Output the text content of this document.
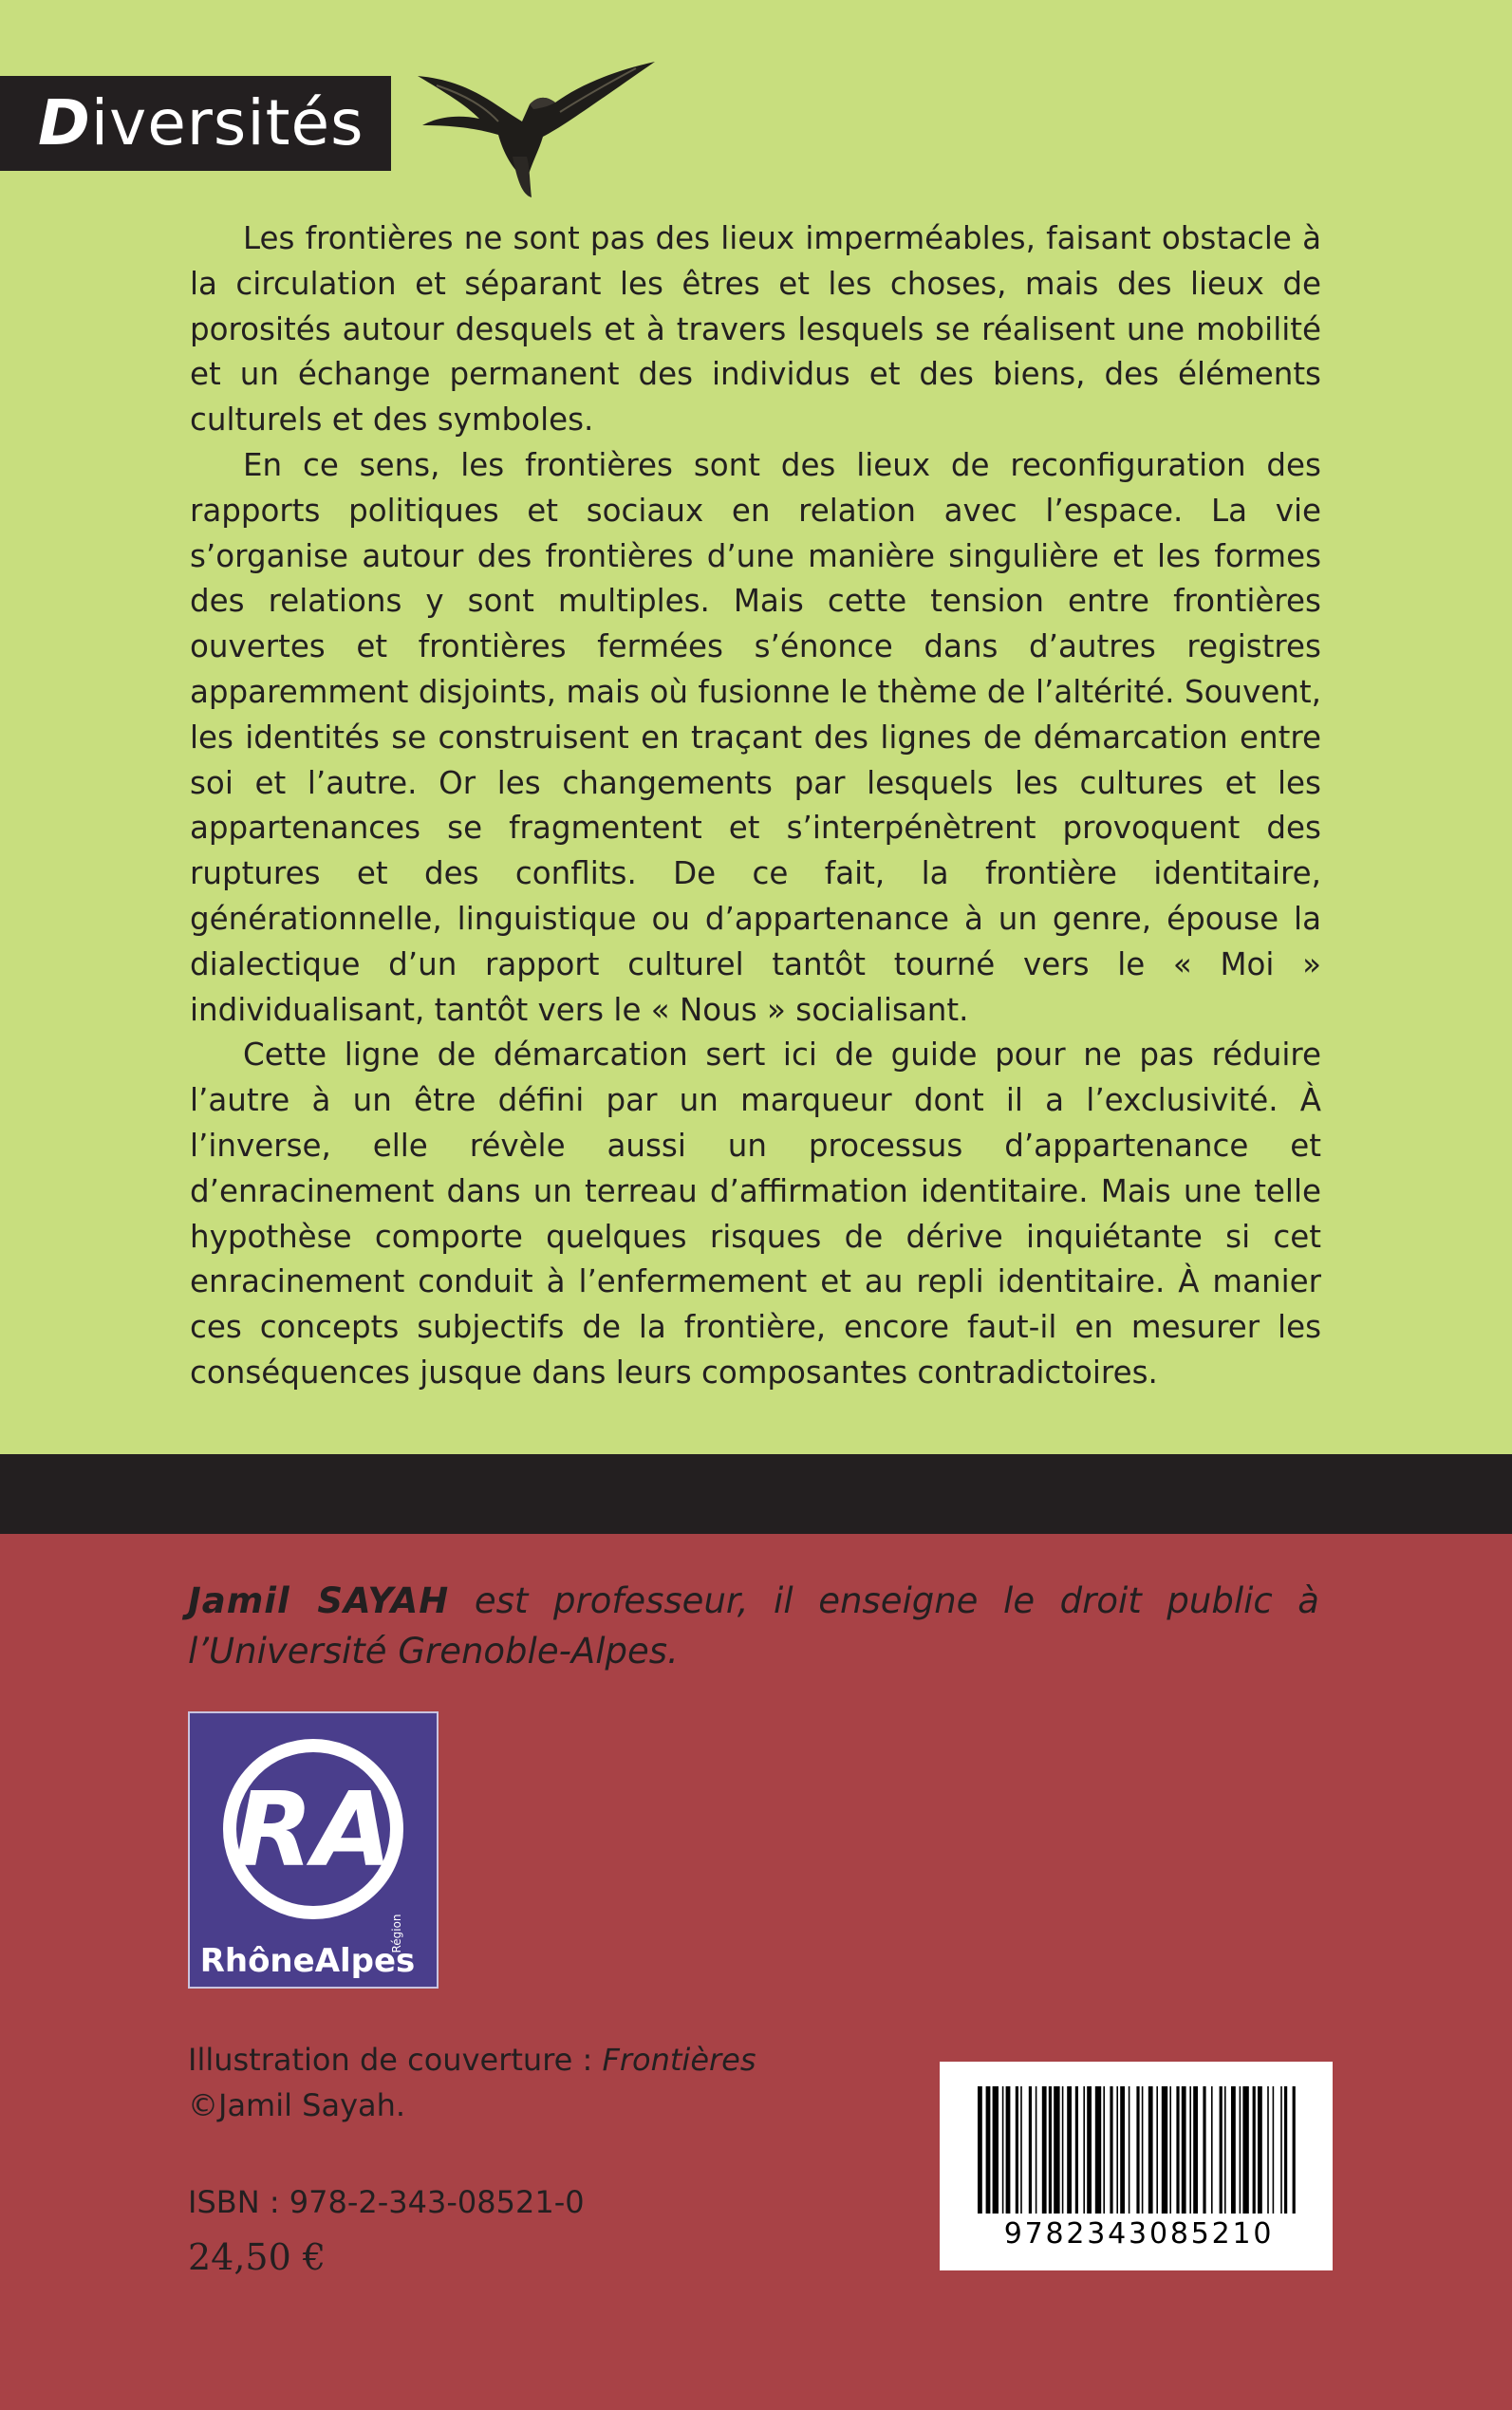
Diversités

Les frontières ne sont pas des lieux imperméables, faisant obstacle à la circulation et séparant les êtres et les choses, mais des lieux de porosités autour desquels et à travers lesquels se réalisent une mobilité et un échange permanent des individus et des biens, des éléments culturels et des symboles.

En ce sens, les frontières sont des lieux de reconfiguration des rapports politiques et sociaux en relation avec l’espace. La vie s’organise autour des frontières d’une manière singulière et les formes des relations y sont multiples. Mais cette tension entre frontières ouvertes et frontières fermées s’énonce dans d’autres registres apparemment disjoints, mais où fusionne le thème de l’altérité. Souvent, les identités se construisent en traçant des lignes de démarcation entre soi et l’autre. Or les changements par lesquels les cultures et les appartenances se fragmentent et s’interpénètrent provoquent des ruptures et des conflits. De ce fait, la frontière identitaire, générationnelle, linguistique ou d’appartenance à un genre, épouse la dialectique d’un rapport culturel tantôt tourné vers le « Moi » individualisant, tantôt vers le « Nous » socialisant.

Cette ligne de démarcation sert ici de guide pour ne pas réduire l’autre à un être défini par un marqueur dont il a l’exclusivité. À l’inverse, elle révèle aussi un processus d’appartenance et d’enracinement dans un terreau d’affirmation identitaire. Mais une telle hypothèse comporte quelques risques de dérive inquiétante si cet enracinement conduit à l’enfermement et au repli identitaire. À manier ces concepts subjectifs de la frontière, encore faut-il en mesurer les conséquences jusque dans leurs composantes contradictoires.

Jamil SAYAH est professeur, il enseigne le droit public à l’Université Grenoble-Alpes.
RA
Région
RhôneAlpes
Illustration de couverture : Frontières
©Jamil Sayah.
ISBN : 978-2-343-08521-0
24,50 €
9782343085210
